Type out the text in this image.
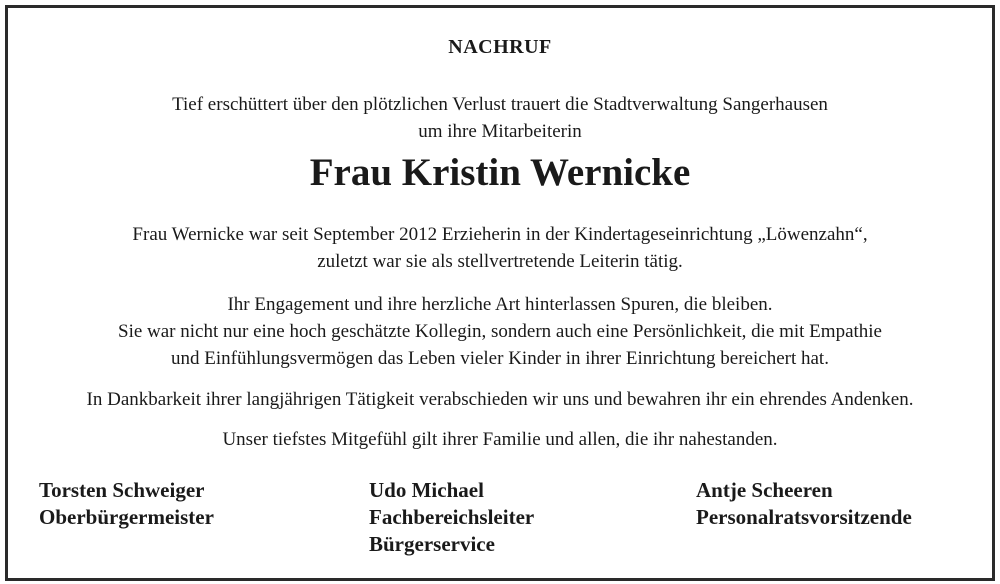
NACHRUF
Tief erschüttert über den plötzlichen Verlust trauert die Stadtverwaltung Sangerhausen
um ihre Mitarbeiterin
Frau Kristin Wernicke
Frau Wernicke war seit September 2012 Erzieherin in der Kindertageseinrichtung „Löwenzahn“,
zuletzt war sie als stellvertretende Leiterin tätig.
Ihr Engagement und ihre herzliche Art hinterlassen Spuren, die bleiben.
Sie war nicht nur eine hoch geschätzte Kollegin, sondern auch eine Persönlichkeit, die mit Empathie
und Einfühlungsvermögen das Leben vieler Kinder in ihrer Einrichtung bereichert hat.
In Dankbarkeit ihrer langjährigen Tätigkeit verabschieden wir uns und bewahren ihr ein ehrendes Andenken.
Unser tiefstes Mitgefühl gilt ihrer Familie und allen, die ihr nahestanden.
Torsten Schweiger
Oberbürgermeister
Udo Michael
Fachbereichsleiter
Bürgerservice
Antje Scheeren
Personalratsvorsitzende
